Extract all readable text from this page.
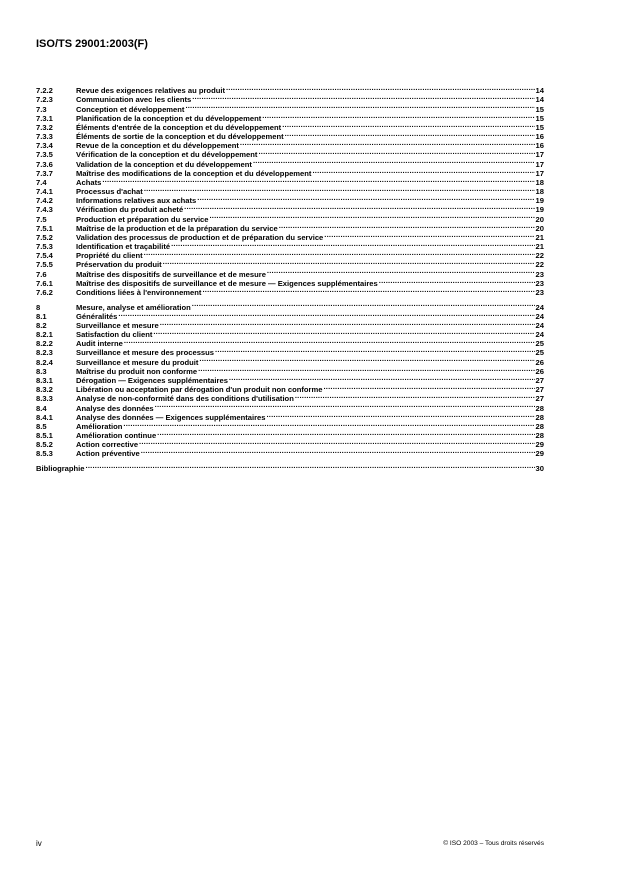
ISO/TS 29001:2003(F)
7.2.2	Revue des exigences relatives au produit .....	14
7.2.3	Communication avec les clients .....	14
7.3	Conception et développement .....	15
7.3.1	Planification de la conception et du développement .....	15
7.3.2	Éléments d'entrée de la conception et du développement .....	15
7.3.3	Éléments de sortie de la conception et du développement .....	16
7.3.4	Revue de la conception et du développement .....	16
7.3.5	Vérification de la conception et du développement .....	17
7.3.6	Validation de la conception et du développement .....	17
7.3.7	Maîtrise des modifications de la conception et du développement .....	17
7.4	Achats .....	18
7.4.1	Processus d'achat .....	18
7.4.2	Informations relatives aux achats .....	19
7.4.3	Vérification du produit acheté .....	19
7.5	Production et préparation du service .....	20
7.5.1	Maîtrise de la production et de la préparation du service .....	20
7.5.2	Validation des processus de production et de préparation du service .....	21
7.5.3	Identification et traçabilité .....	21
7.5.4	Propriété du client .....	22
7.5.5	Préservation du produit .....	22
7.6	Maîtrise des dispositifs de surveillance et de mesure .....	23
7.6.1	Maîtrise des dispositifs de surveillance et de mesure — Exigences supplémentaires .....	23
7.6.2	Conditions liées à l'environnement .....	23
8	Mesure, analyse et amélioration .....	24
8.1	Généralités .....	24
8.2	Surveillance et mesure .....	24
8.2.1	Satisfaction du client .....	24
8.2.2	Audit interne .....	25
8.2.3	Surveillance et mesure des processus .....	25
8.2.4	Surveillance et mesure du produit .....	26
8.3	Maîtrise du produit non conforme .....	26
8.3.1	Dérogation — Exigences supplémentaires .....	27
8.3.2	Libération ou acceptation par dérogation d'un produit non conforme .....	27
8.3.3	Analyse de non-conformité dans des conditions d'utilisation .....	27
8.4	Analyse des données .....	28
8.4.1	Analyse des données — Exigences supplémentaires .....	28
8.5	Amélioration .....	28
8.5.1	Amélioration continue .....	28
8.5.2	Action corrective .....	29
8.5.3	Action préventive .....	29
Bibliographie .....	30
iv	© ISO 2003 – Tous droits réservés
